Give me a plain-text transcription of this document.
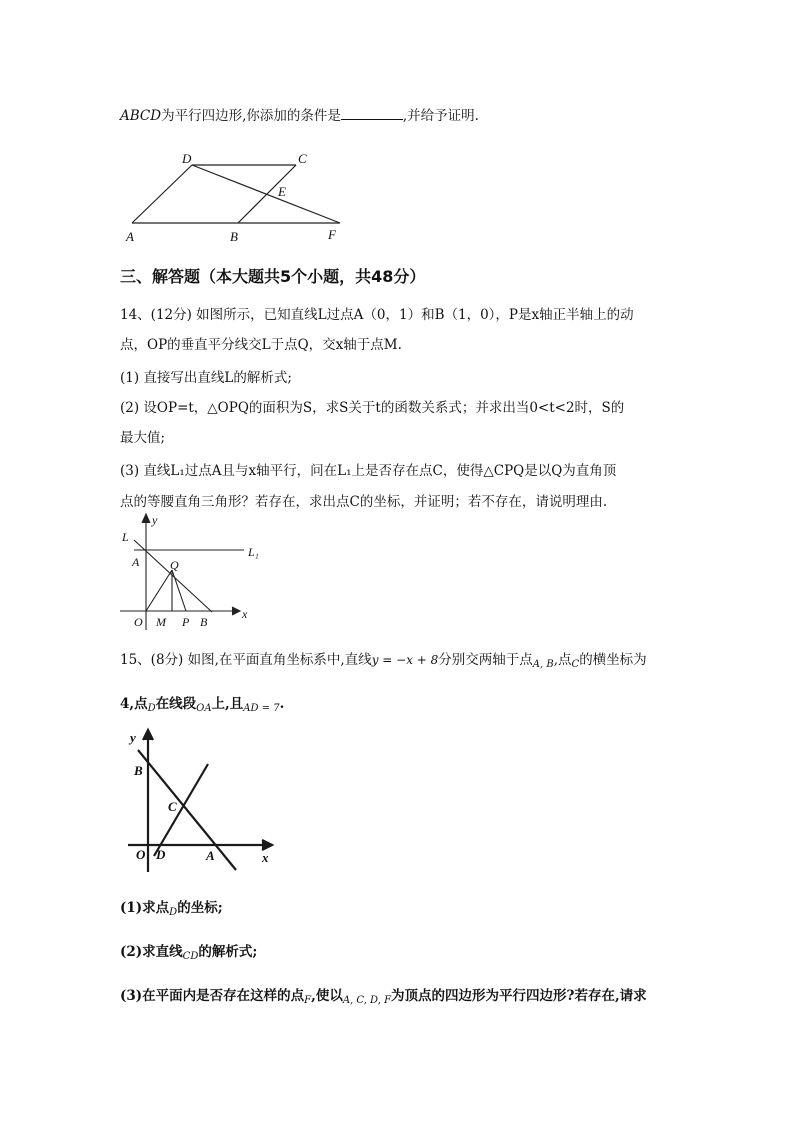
ABCD为平行四边形,你添加的条件是	,并给予证明.
D	C
E
A	B	F
三、解答题（本大题共5个小题，共48分）
14、(12分) 如图所示，已知直线L过点A（0，1）和B（1，0），P是x轴正半轴上的动
点，OP的垂直平分线交L于点Q，交x轴于点M.
(1) 直接写出直线L的解析式;
(2) 设OP=t，△OPQ的面积为S，求S关于t的函数关系式；并求出当0<t<2时，S的
最大值;
(3) 直线L₁过点A且与x轴平行，问在L₁上是否存在点C，使得△CPQ是以Q为直角顶
点的等腰直角三角形？若存在，求出点C的坐标，并证明；若不存在，请说明理由.
y
L
L₁
A	Q
x
O M P B
15、(8分) 如图,在平面直角坐标系中,直线y = −x + 8分别交两轴于点$_{A, B}$,点$_C$的横坐标为
4,点$_D$在线段$_{OA}$上,且$_{AD = 7}$.
y
B
C
O D	A	x
(1)求点$_D$的坐标;
(2)求直线$_{CD}$的解析式;
(3)在平面内是否存在这样的点$_F$,使以$_{A, C, D, F}$为顶点的四边形为平行四边形?若存在,请求
